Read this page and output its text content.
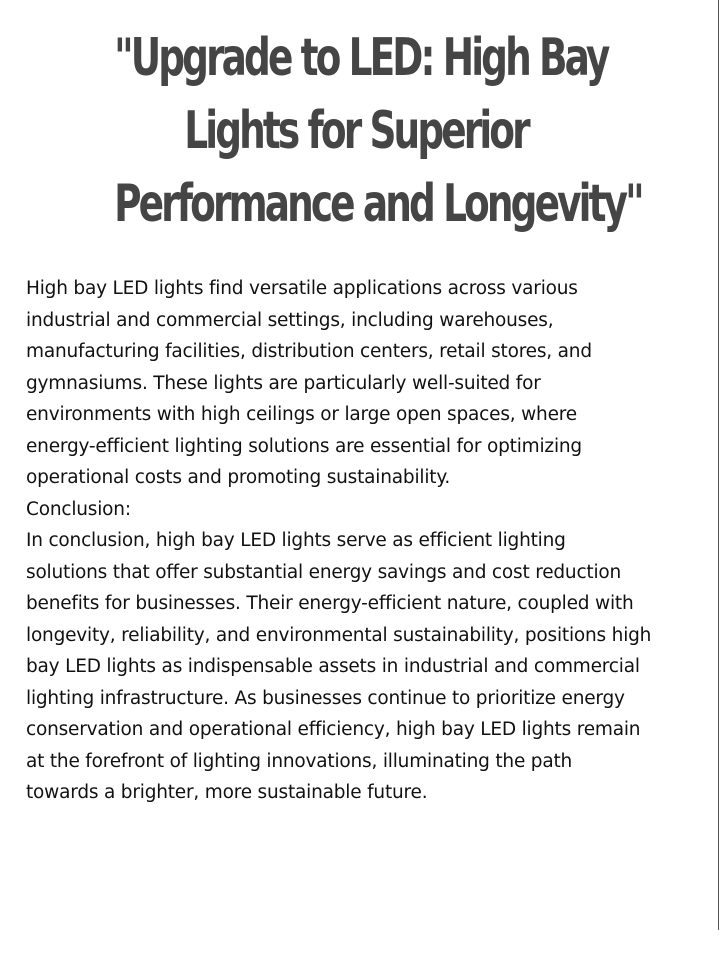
"Upgrade to LED: High Bay
Lights for Superior
Performance and Longevity"

High bay LED lights find versatile applications across various
industrial and commercial settings, including warehouses,
manufacturing facilities, distribution centers, retail stores, and
gymnasiums. These lights are particularly well-suited for
environments with high ceilings or large open spaces, where
energy-efficient lighting solutions are essential for optimizing
operational costs and promoting sustainability.

Conclusion:

In conclusion, high bay LED lights serve as efficient lighting
solutions that offer substantial energy savings and cost reduction
benefits for businesses. Their energy-efficient nature, coupled with
longevity, reliability, and environmental sustainability, positions high
bay LED lights as indispensable assets in industrial and commercial
lighting infrastructure. As businesses continue to prioritize energy
conservation and operational efficiency, high bay LED lights remain
at the forefront of lighting innovations, illuminating the path
towards a brighter, more sustainable future.
